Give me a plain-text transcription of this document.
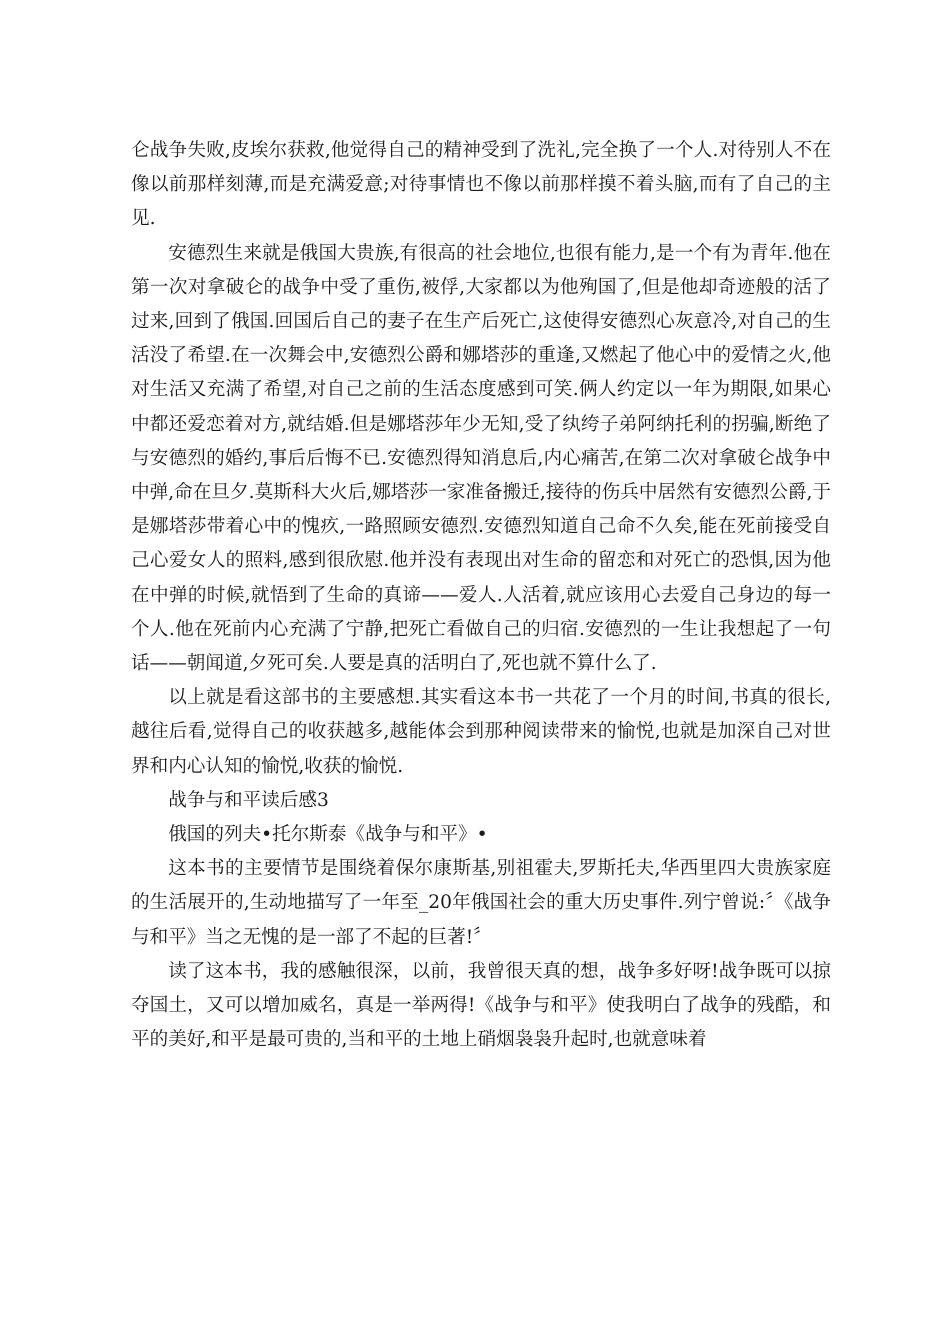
仑战争失败,皮埃尔获救,他觉得自己的精神受到了洗礼,完全换了一个人.对待别人不在像以前那样刻薄,而是充满爱意;对待事情也不像以前那样摸不着头脑,而有了自己的主见.

安德烈生来就是俄国大贵族,有很高的社会地位,也很有能力,是一个有为青年.他在第一次对拿破仑的战争中受了重伤,被俘,大家都以为他殉国了,但是他却奇迹般的活了过来,回到了俄国.回国后自己的妻子在生产后死亡,这使得安德烈心灰意冷,对自己的生活没了希望.在一次舞会中,安德烈公爵和娜塔莎的重逢,又燃起了他心中的爱情之火,他对生活又充满了希望,对自己之前的生活态度感到可笑.俩人约定以一年为期限,如果心中都还爱恋着对方,就结婚.但是娜塔莎年少无知,受了纨绔子弟阿纳托利的拐骗,断绝了与安德烈的婚约,事后后悔不已.安德烈得知消息后,内心痛苦,在第二次对拿破仑战争中中弹,命在旦夕.莫斯科大火后,娜塔莎一家准备搬迁,接待的伤兵中居然有安德烈公爵,于是娜塔莎带着心中的愧疚,一路照顾安德烈.安德烈知道自己命不久矣,能在死前接受自己心爱女人的照料,感到很欣慰.他并没有表现出对生命的留恋和对死亡的恐惧,因为他在中弹的时候,就悟到了生命的真谛——爱人.人活着,就应该用心去爱自己身边的每一个人.他在死前内心充满了宁静,把死亡看做自己的归宿.安德烈的一生让我想起了一句话——朝闻道,夕死可矣.人要是真的活明白了,死也就不算什么了.

以上就是看这部书的主要感想.其实看这本书一共花了一个月的时间,书真的很长,越往后看,觉得自己的收获越多,越能体会到那种阅读带来的愉悦,也就是加深自己对世界和内心认知的愉悦,收获的愉悦.

战争与和平读后感3

俄国的列夫•托尔斯泰《战争与和平》•

这本书的主要情节是围绕着保尔康斯基,别祖霍夫,罗斯托夫,华西里四大贵族家庭的生活展开的,生动地描写了一年至_20年俄国社会的重大历史事件.列宁曾说:〞《战争与和平》当之无愧的是一部了不起的巨著!〞

读了这本书，我的感触很深，以前，我曾很天真的想，战争多好呀!战争既可以掠夺国土，又可以增加威名，真是一举两得!《战争与和平》使我明白了战争的残酷，和平的美好,和平是最可贵的,当和平的土地上硝烟袅袅升起时,也就意味着
